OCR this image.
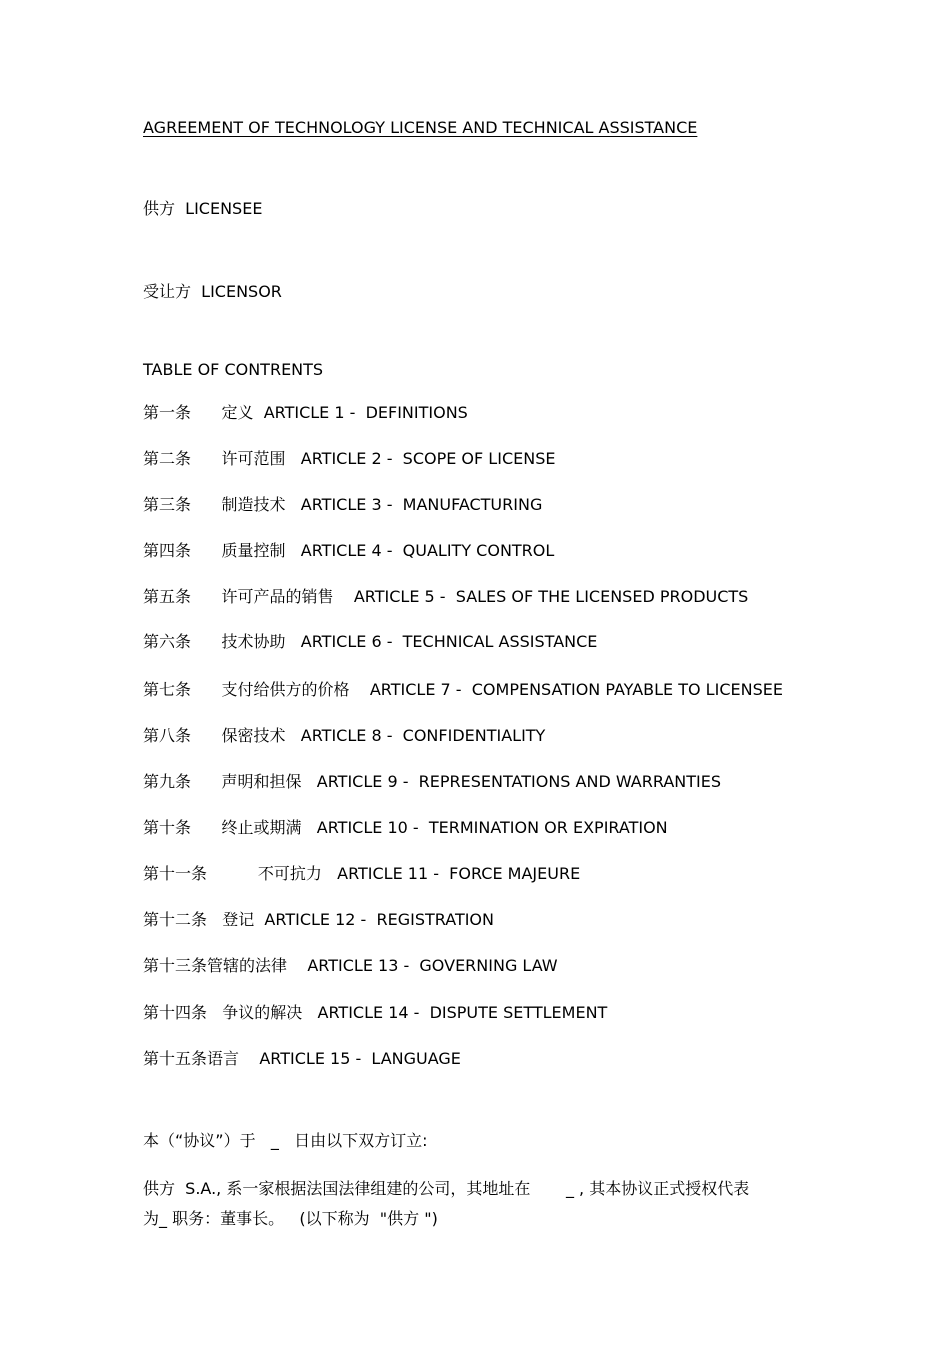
AGREEMENT OF TECHNOLOGY LICENSE AND TECHNICAL ASSISTANCE
供方  LICENSEE
受让方  LICENSOR
TABLE OF CONTRENTS
第一条      定义  ARTICLE 1 -  DEFINITIONS
第二条      许可范围   ARTICLE 2 -  SCOPE OF LICENSE
第三条      制造技术   ARTICLE 3 -  MANUFACTURING
第四条      质量控制   ARTICLE 4 -  QUALITY CONTROL
第五条      许可产品的销售    ARTICLE 5 -  SALES OF THE LICENSED PRODUCTS
第六条      技术协助   ARTICLE 6 -  TECHNICAL ASSISTANCE
第七条      支付给供方的价格    ARTICLE 7 -  COMPENSATION PAYABLE TO LICENSEE
第八条      保密技术   ARTICLE 8 -  CONFIDENTIALITY
第九条      声明和担保   ARTICLE 9 -  REPRESENTATIONS AND WARRANTIES
第十条      终止或期满   ARTICLE 10 -  TERMINATION OR EXPIRATION
第十一条          不可抗力   ARTICLE 11 -  FORCE MAJEURE
第十二条   登记  ARTICLE 12 -  REGISTRATION
第十三条管辖的法律    ARTICLE 13 -  GOVERNING LAW
第十四条   争议的解决   ARTICLE 14 -  DISPUTE SETTLEMENT
第十五条语言    ARTICLE 15 -  LANGUAGE
本（“协议”）于   _   日由以下双方订立:
供方  S.A., 系一家根据法国法律组建的公司，其地址在       _ , 其本协议正式授权代表
为_ 职务：董事长。   (以下称为  "供方 ")
